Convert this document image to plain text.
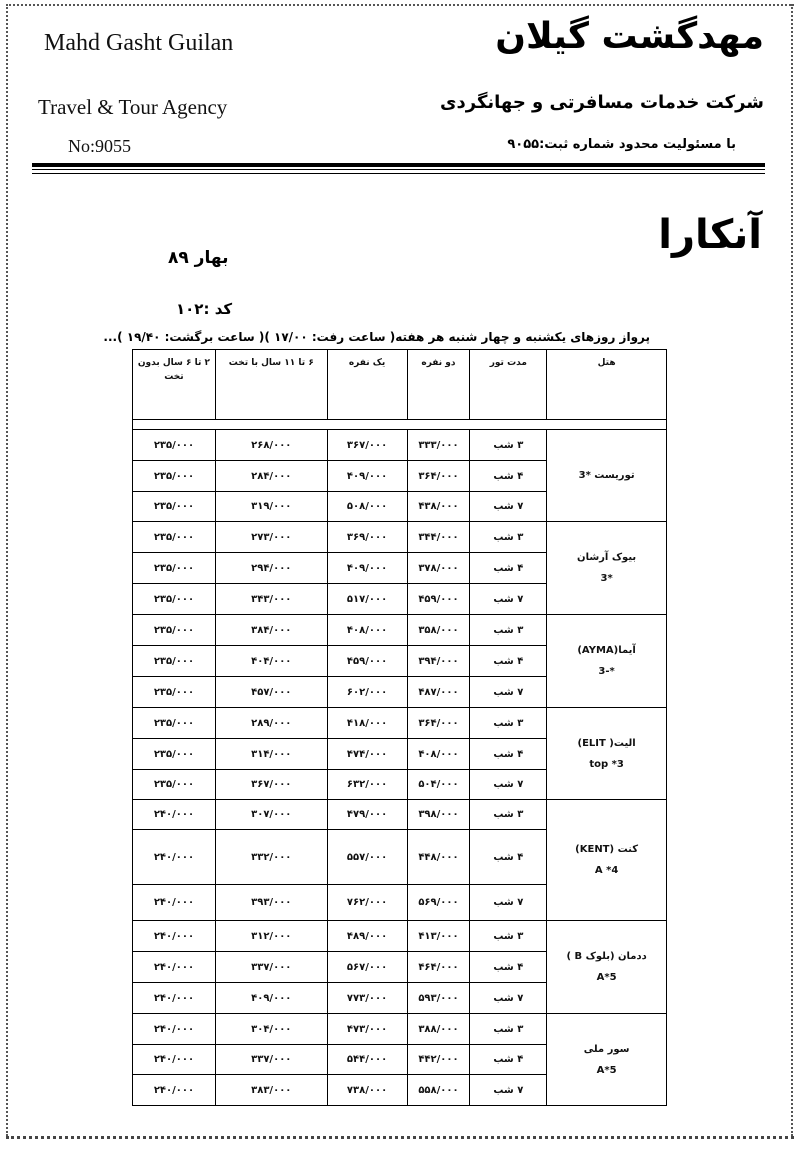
Mahd Gasht Guilan
Travel & Tour Agency
No:9055
مهدگشت گیلان
شرکت خدمات مسافرتی و جهانگردی
با مسئولیت محدود شماره ثبت:۹۰۵۵
آنکارا
بهار ۸۹
کد :۱۰۲
پرواز روزهای یکشنبه و چهار شنبه هر هفته( ساعت رفت: ۱۷/۰۰ )( ساعت برگشت: ۱۹/۴۰ )...
هتل	مدت تور	دو نفره	یک نفره	۶ تا ۱۱ سال با تخت	۲ تا ۶ سال بدون تخت

توریست *3	۳ شب	۳۳۳/۰۰۰	۳۶۷/۰۰۰	۲۶۸/۰۰۰	۲۳۵/۰۰۰
	۴ شب	۳۶۴/۰۰۰	۴۰۹/۰۰۰	۲۸۴/۰۰۰	۲۳۵/۰۰۰
	۷ شب	۴۳۸/۰۰۰	۵۰۸/۰۰۰	۳۱۹/۰۰۰	۲۳۵/۰۰۰

بیوک آرشان
*3	۳ شب	۳۴۴/۰۰۰	۳۶۹/۰۰۰	۲۷۳/۰۰۰	۲۳۵/۰۰۰
	۴ شب	۳۷۸/۰۰۰	۴۰۹/۰۰۰	۲۹۴/۰۰۰	۲۳۵/۰۰۰
	۷ شب	۴۵۹/۰۰۰	۵۱۷/۰۰۰	۳۴۳/۰۰۰	۲۳۵/۰۰۰

آیما(AYMA)
*-3	۳ شب	۳۵۸/۰۰۰	۴۰۸/۰۰۰	۳۸۴/۰۰۰	۲۳۵/۰۰۰
	۴ شب	۳۹۴/۰۰۰	۴۵۹/۰۰۰	۴۰۴/۰۰۰	۲۳۵/۰۰۰
	۷ شب	۴۸۷/۰۰۰	۶۰۲/۰۰۰	۴۵۷/۰۰۰	۲۳۵/۰۰۰

الیت( ELIT)
3* top	۳ شب	۳۶۴/۰۰۰	۴۱۸/۰۰۰	۲۸۹/۰۰۰	۲۳۵/۰۰۰
	۴ شب	۴۰۸/۰۰۰	۴۷۴/۰۰۰	۳۱۴/۰۰۰	۲۳۵/۰۰۰
	۷ شب	۵۰۴/۰۰۰	۶۳۲/۰۰۰	۳۶۷/۰۰۰	۲۳۵/۰۰۰

کنت (KENT)
4* A	۳ شب	۳۹۸/۰۰۰	۴۷۹/۰۰۰	۳۰۷/۰۰۰	۲۴۰/۰۰۰
	۴ شب	۴۴۸/۰۰۰	۵۵۷/۰۰۰	۳۳۲/۰۰۰	۲۴۰/۰۰۰
	۷ شب	۵۶۹/۰۰۰	۷۶۲/۰۰۰	۳۹۳/۰۰۰	۲۴۰/۰۰۰

ددمان (بلوک B )
5*A	۳ شب	۴۱۳/۰۰۰	۴۸۹/۰۰۰	۳۱۲/۰۰۰	۲۴۰/۰۰۰
	۴ شب	۴۶۴/۰۰۰	۵۶۷/۰۰۰	۳۳۷/۰۰۰	۲۴۰/۰۰۰
	۷ شب	۵۹۳/۰۰۰	۷۷۳/۰۰۰	۴۰۹/۰۰۰	۲۴۰/۰۰۰

سور ملی
5*A	۳ شب	۳۸۸/۰۰۰	۴۷۳/۰۰۰	۳۰۴/۰۰۰	۲۴۰/۰۰۰
	۴ شب	۴۴۲/۰۰۰	۵۴۴/۰۰۰	۳۳۷/۰۰۰	۲۴۰/۰۰۰
	۷ شب	۵۵۸/۰۰۰	۷۳۸/۰۰۰	۳۸۳/۰۰۰	۲۴۰/۰۰۰
